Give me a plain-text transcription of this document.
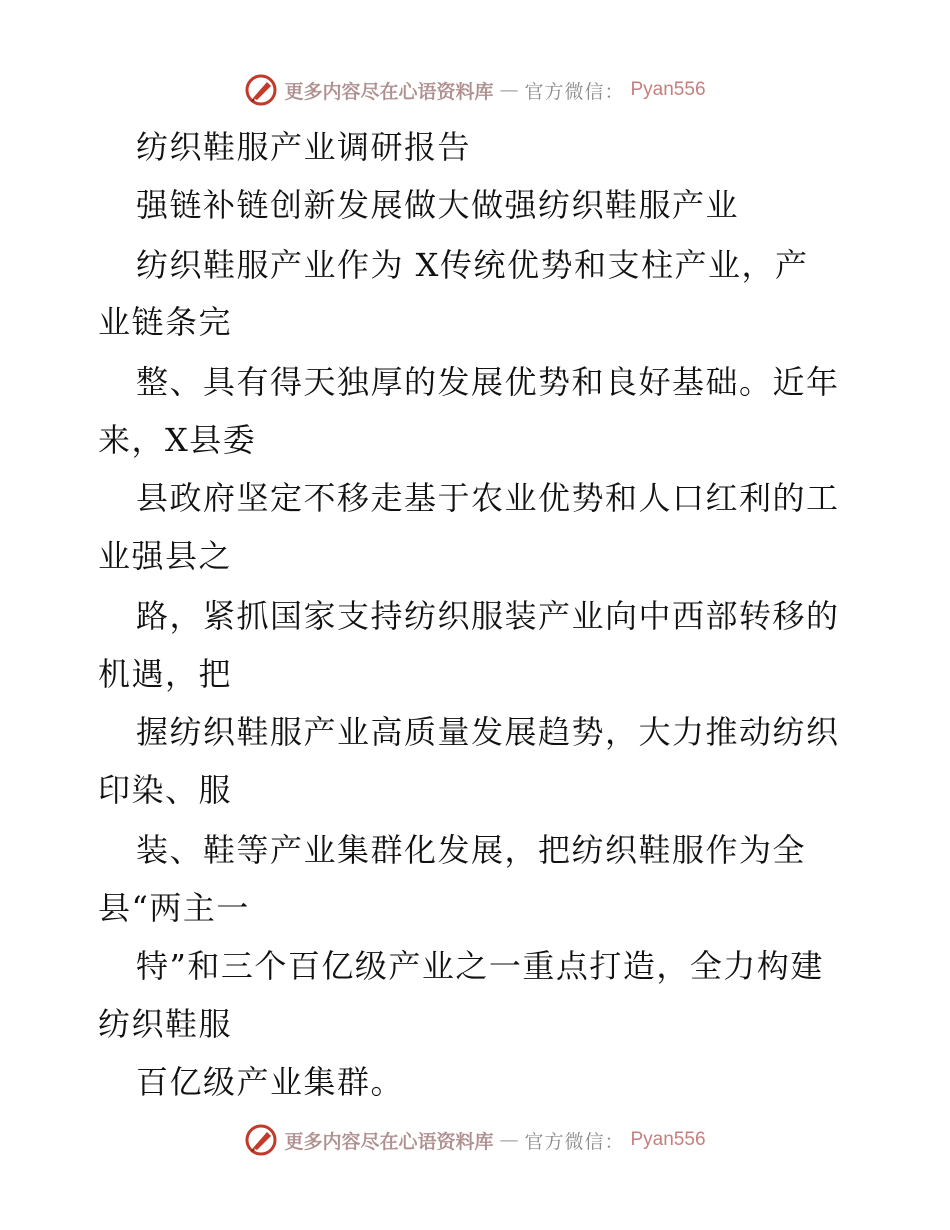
更多内容尽在心语资料库 — 官方微信： Pyan556
纺织鞋服产业调研报告
强链补链创新发展做大做强纺织鞋服产业
纺织鞋服产业作为 X传统优势和支柱产业，产
业链条完
整、具有得天独厚的发展优势和良好基础。近年
来，X县委
县政府坚定不移走基于农业优势和人口红利的工
业强县之
路，紧抓国家支持纺织服装产业向中西部转移的
机遇，把
握纺织鞋服产业高质量发展趋势，大力推动纺织
印染、服
装、鞋等产业集群化发展，把纺织鞋服作为全
县“两主一
特”和三个百亿级产业之一重点打造，全力构建
纺织鞋服
百亿级产业集群。
更多内容尽在心语资料库 — 官方微信： Pyan556
